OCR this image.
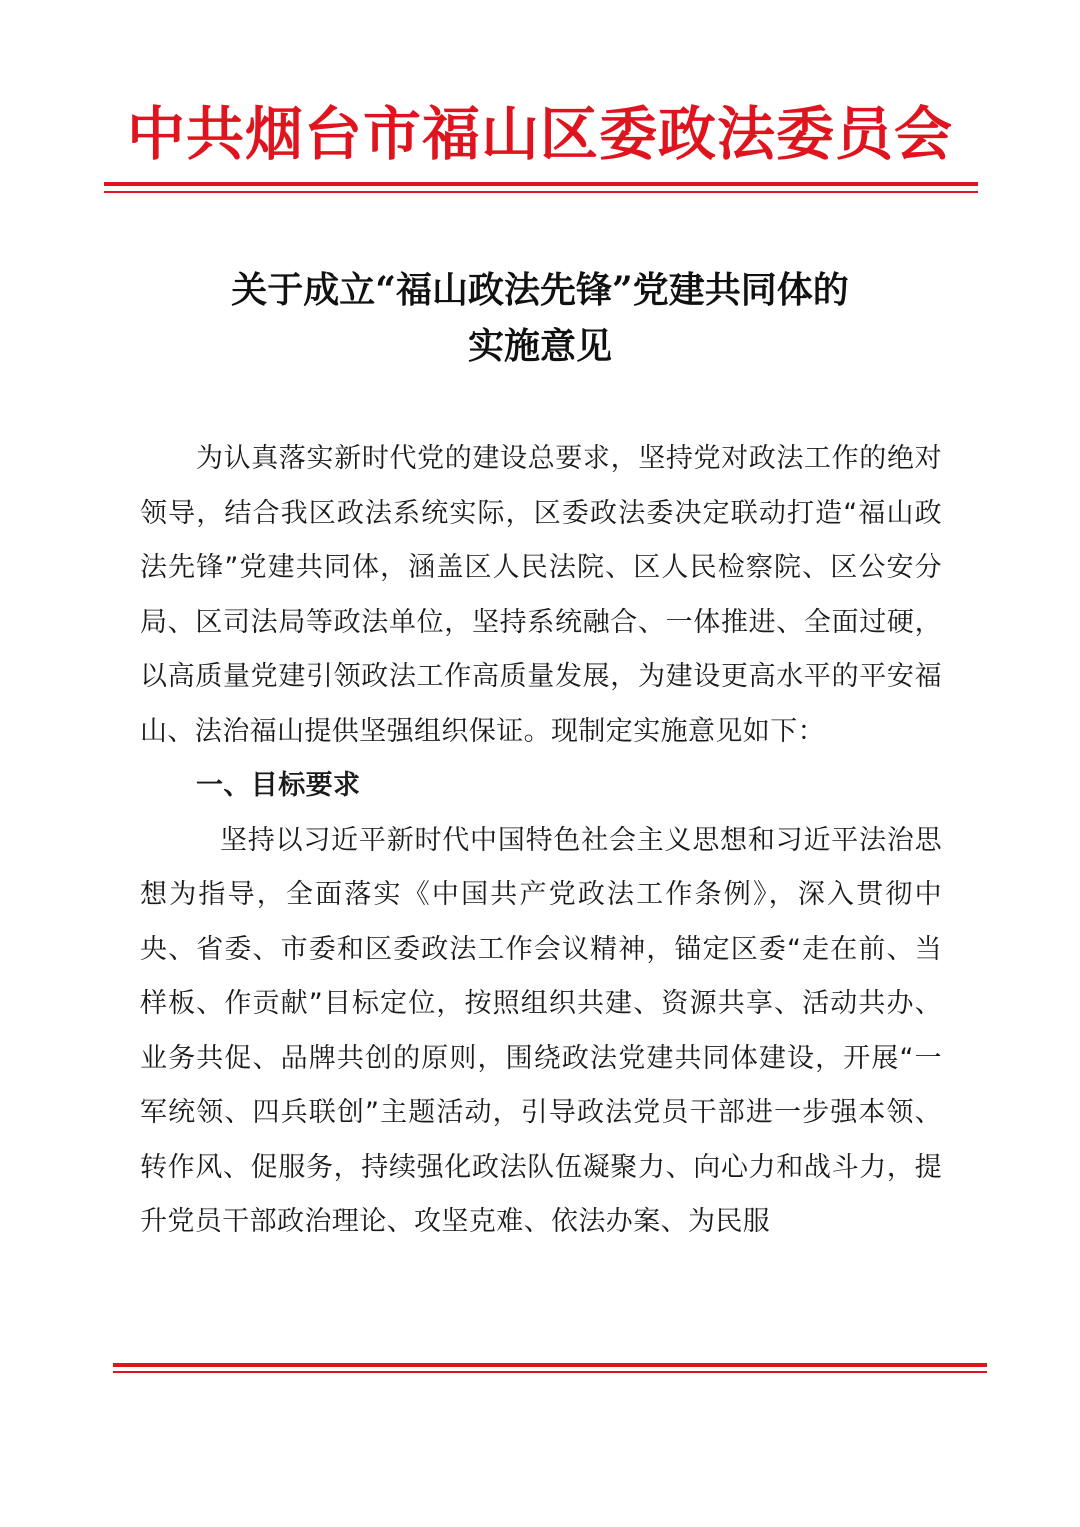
中共烟台市福山区委政法委员会
关于成立“福山政法先锋”党建共同体的
实施意见

为认真落实新时代党的建设总要求，坚持党对政法工作的绝对领导，结合我区政法系统实际，区委政法委决定联动打造“福山政法先锋”党建共同体，涵盖区人民法院、区人民检察院、区公安分局、区司法局等政法单位，坚持系统融合、一体推进、全面过硬，以高质量党建引领政法工作高质量发展，为建设更高水平的平安福山、法治福山提供坚强组织保证。现制定实施意见如下：

一、目标要求

坚持以习近平新时代中国特色社会主义思想和习近平法治思想为指导，全面落实《中国共产党政法工作条例》，深入贯彻中央、省委、市委和区委政法工作会议精神，锚定区委“走在前、当样板、作贡献”目标定位，按照组织共建、资源共享、活动共办、业务共促、品牌共创的原则，围绕政法党建共同体建设，开展“一军统领、四兵联创”主题活动，引导政法党员干部进一步强本领、转作风、促服务，持续强化政法队伍凝聚力、向心力和战斗力，提升党员干部政治理论、攻坚克难、依法办案、为民服
